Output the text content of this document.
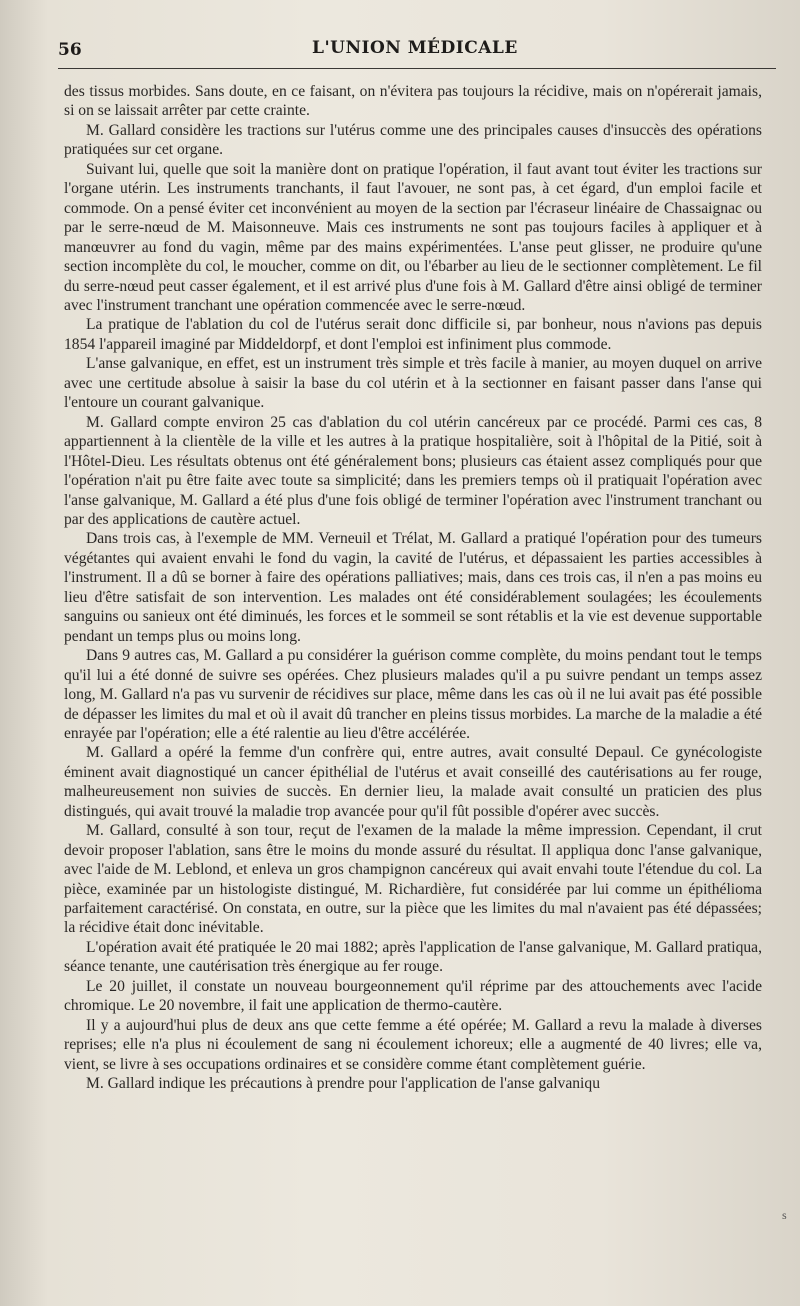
56	L'UNION MÉDICALE

des tissus morbides. Sans doute, en ce faisant, on n'évitera pas toujours la récidive, mais on n'opérerait jamais, si on se laissait arrêter par cette crainte.

M. Gallard considère les tractions sur l'utérus comme une des principales causes d'insuccès des opérations pratiquées sur cet organe.

Suivant lui, quelle que soit la manière dont on pratique l'opération, il faut avant tout éviter les tractions sur l'organe utérin. Les instruments tranchants, il faut l'avouer, ne sont pas, à cet égard, d'un emploi facile et commode. On a pensé éviter cet inconvénient au moyen de la section par l'écraseur linéaire de Chassaignac ou par le serre-nœud de M. Maisonneuve. Mais ces instruments ne sont pas toujours faciles à appliquer et à manœuvrer au fond du vagin, même par des mains expérimentées. L'anse peut glisser, ne produire qu'une section incomplète du col, le moucher, comme on dit, ou l'ébarber au lieu de le sectionner complètement. Le fil du serre-nœud peut casser également, et il est arrivé plus d'une fois à M. Gallard d'être ainsi obligé de terminer avec l'instrument tranchant une opération commencée avec le serre-nœud.

La pratique de l'ablation du col de l'utérus serait donc difficile si, par bonheur, nous n'avions pas depuis 1854 l'appareil imaginé par Middeldorpf, et dont l'emploi est infiniment plus commode.

L'anse galvanique, en effet, est un instrument très simple et très facile à manier, au moyen duquel on arrive avec une certitude absolue à saisir la base du col utérin et à la sectionner en faisant passer dans l'anse qui l'entoure un courant galvanique.

M. Gallard compte environ 25 cas d'ablation du col utérin cancéreux par ce procédé. Parmi ces cas, 8 appartiennent à la clientèle de la ville et les autres à la pratique hospitalière, soit à l'hôpital de la Pitié, soit à l'Hôtel-Dieu. Les résultats obtenus ont été généralement bons; plusieurs cas étaient assez compliqués pour que l'opération n'ait pu être faite avec toute sa simplicité; dans les premiers temps où il pratiquait l'opération avec l'anse galvanique, M. Gallard a été plus d'une fois obligé de terminer l'opération avec l'instrument tranchant ou par des applications de cautère actuel.

Dans trois cas, à l'exemple de MM. Verneuil et Trélat, M. Gallard a pratiqué l'opération pour des tumeurs végétantes qui avaient envahi le fond du vagin, la cavité de l'utérus, et dépassaient les parties accessibles à l'instrument. Il a dû se borner à faire des opérations palliatives; mais, dans ces trois cas, il n'en a pas moins eu lieu d'être satisfait de son intervention. Les malades ont été considérablement soulagées; les écoulements sanguins ou sanieux ont été diminués, les forces et le sommeil se sont rétablis et la vie est devenue supportable pendant un temps plus ou moins long.

Dans 9 autres cas, M. Gallard a pu considérer la guérison comme complète, du moins pendant tout le temps qu'il lui a été donné de suivre ses opérées. Chez plusieurs malades qu'il a pu suivre pendant un temps assez long, M. Gallard n'a pas vu survenir de récidives sur place, même dans les cas où il ne lui avait pas été possible de dépasser les limites du mal et où il avait dû trancher en pleins tissus morbides. La marche de la maladie a été enrayée par l'opération; elle a été ralentie au lieu d'être accélérée.

M. Gallard a opéré la femme d'un confrère qui, entre autres, avait consulté Depaul. Ce gynécologiste éminent avait diagnostiqué un cancer épithélial de l'utérus et avait conseillé des cautérisations au fer rouge, malheureusement non suivies de succès. En dernier lieu, la malade avait consulté un praticien des plus distingués, qui avait trouvé la maladie trop avancée pour qu'il fût possible d'opérer avec succès.

M. Gallard, consulté à son tour, reçut de l'examen de la malade la même impression. Cependant, il crut devoir proposer l'ablation, sans être le moins du monde assuré du résultat. Il appliqua donc l'anse galvanique, avec l'aide de M. Leblond, et enleva un gros champignon cancéreux qui avait envahi toute l'étendue du col. La pièce, examinée par un histologiste distingué, M. Richardière, fut considérée par lui comme un épithélioma parfaitement caractérisé. On constata, en outre, sur la pièce que les limites du mal n'avaient pas été dépassées; la récidive était donc inévitable.

L'opération avait été pratiquée le 20 mai 1882; après l'application de l'anse galvanique, M. Gallard pratiqua, séance tenante, une cautérisation très énergique au fer rouge.

Le 20 juillet, il constate un nouveau bourgeonnement qu'il réprime par des attouchements avec l'acide chromique. Le 20 novembre, il fait une application de thermo-cautère.

Il y a aujourd'hui plus de deux ans que cette femme a été opérée; M. Gallard a revu la malade à diverses reprises; elle n'a plus ni écoulement de sang ni écoulement ichoreux; elle a augmenté de 40 livres; elle va, vient, se livre à ses occupations ordinaires et se considère comme étant complètement guérie.

M. Gallard indique les précautions à prendre pour l'application de l'anse galvaniqu

s
